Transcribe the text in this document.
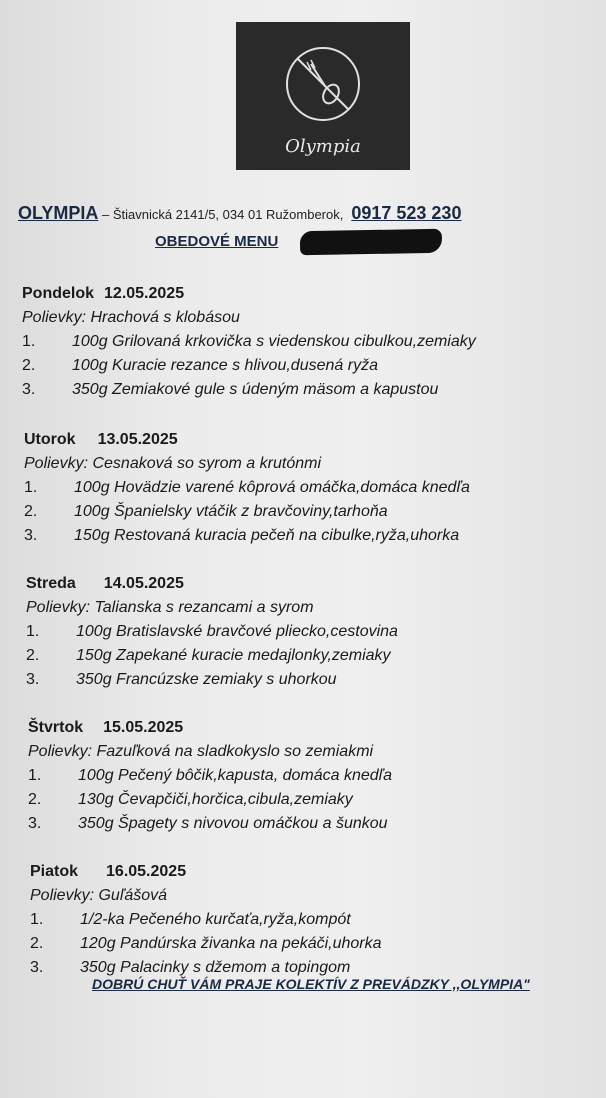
Olympia
OLYMPIA – Štiavnická 2141/5, 034 01 Ružomberok, 0917 523 230
OBEDOVÉ MENU
Pondelok 12.05.2025
Polievky: Hrachová s klobásou
1. 100g Grilovaná krkovička s viedenskou cibulkou,zemiaky
2. 100g Kuracie rezance s hlivou,dusená ryža
3. 350g Zemiakové gule s údeným mäsom a kapustou
Utorok 13.05.2025
Polievky: Cesnaková so syrom a krutónmi
1. 100g Hovädzie varené kôprová omáčka,domáca knedľa
2. 100g Španielsky vtáčik z bravčoviny,tarhoňa
3. 150g Restovaná kuracia pečeň na cibulke,ryža,uhorka
Streda 14.05.2025
Polievky: Talianska s rezancami a syrom
1. 100g Bratislavské bravčové pliecko,cestovina
2. 150g Zapekané kuracie medajlonky,zemiaky
3. 350g Francúzske zemiaky s uhorkou
Štvrtok 15.05.2025
Polievky: Fazuľková na sladkokyslo so zemiakmi
1. 100g Pečený bôčik,kapusta, domáca knedľa
2. 130g Čevapčiči,horčica,cibula,zemiaky
3. 350g Špagety s nivovou omáčkou a šunkou
Piatok 16.05.2025
Polievky: Guľášová
1. 1/2-ka Pečeného kurčaťa,ryža,kompót
2. 120g Pandúrska živanka na pekáči,uhorka
3. 350g Palacinky s džemom a topingom
DOBRÚ CHUŤ VÁM PRAJE KOLEKTÍV Z PREVÁDZKY ,,OLYMPIA"
